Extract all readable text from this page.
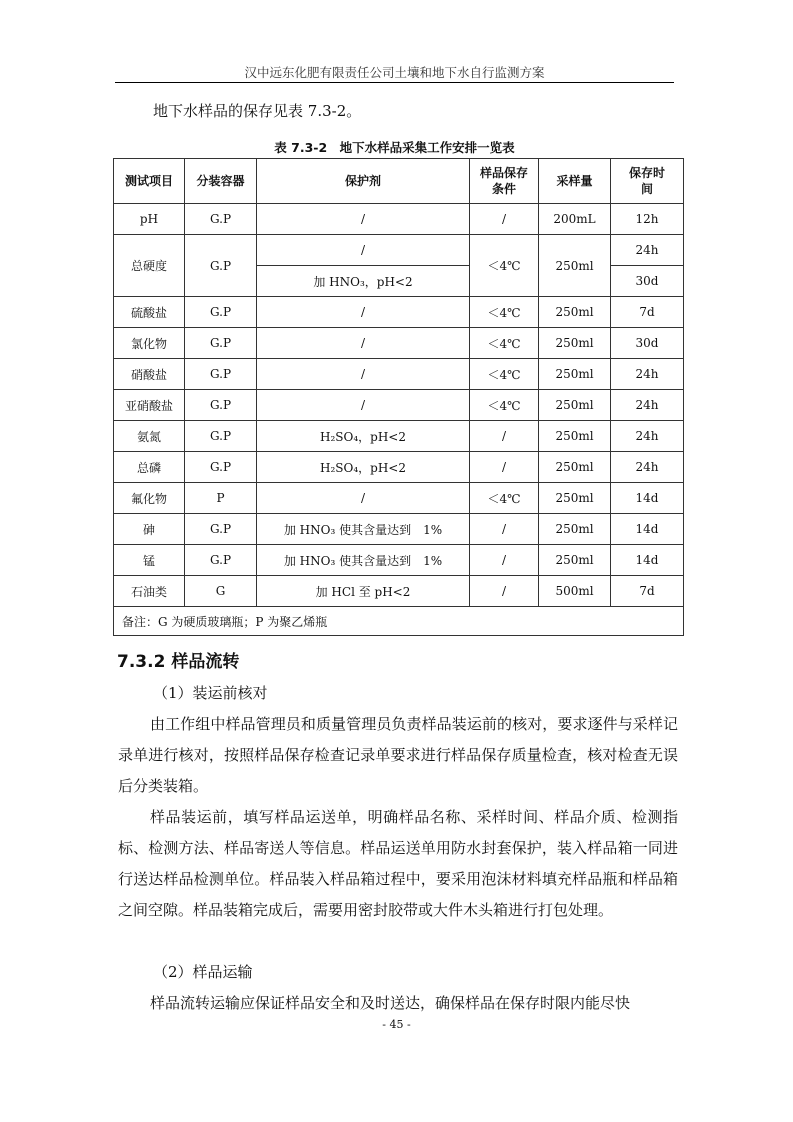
汉中远东化肥有限责任公司土壤和地下水自行监测方案
地下水样品的保存见表 7.3-2。
表 7.3-2　地下水样品采集工作安排一览表
测试项目	分装容器	保护剂	样品保存条件	采样量	保存时间
pH	G.P	/	/	200mL	12h
总硬度	G.P	/	＜4℃	250ml	24h
		加 HNO₃，pH<2			30d
硫酸盐	G.P	/	＜4℃	250ml	7d
氯化物	G.P	/	＜4℃	250ml	30d
硝酸盐	G.P	/	＜4℃	250ml	24h
亚硝酸盐	G.P	/	＜4℃	250ml	24h
氨氮	G.P	H₂SO₄，pH<2	/	250ml	24h
总磷	G.P	H₂SO₄，pH<2	/	250ml	24h
氟化物	P	/	＜4℃	250ml	14d
砷	G.P	加 HNO₃ 使其含量达到　1%	/	250ml	14d
锰	G.P	加 HNO₃ 使其含量达到　1%	/	250ml	14d
石油类	G	加 HCl 至 pH<2	/	500ml	7d
备注：G 为硬质玻璃瓶；P 为聚乙烯瓶					
7.3.2 样品流转
（1）装运前核对
由工作组中样品管理员和质量管理员负责样品装运前的核对，要求逐件与采样记录单进行核对，按照样品保存检查记录单要求进行样品保存质量检查，核对检查无误后分类装箱。
样品装运前，填写样品运送单，明确样品名称、采样时间、样品介质、检测指标、检测方法、样品寄送人等信息。样品运送单用防水封套保护，装入样品箱一同进行送达样品检测单位。样品装入样品箱过程中，要采用泡沫材料填充样品瓶和样品箱之间空隙。样品装箱完成后，需要用密封胶带或大件木头箱进行打包处理。
（2）样品运输
样品流转运输应保证样品安全和及时送达，确保样品在保存时限内能尽快
- 45 -
